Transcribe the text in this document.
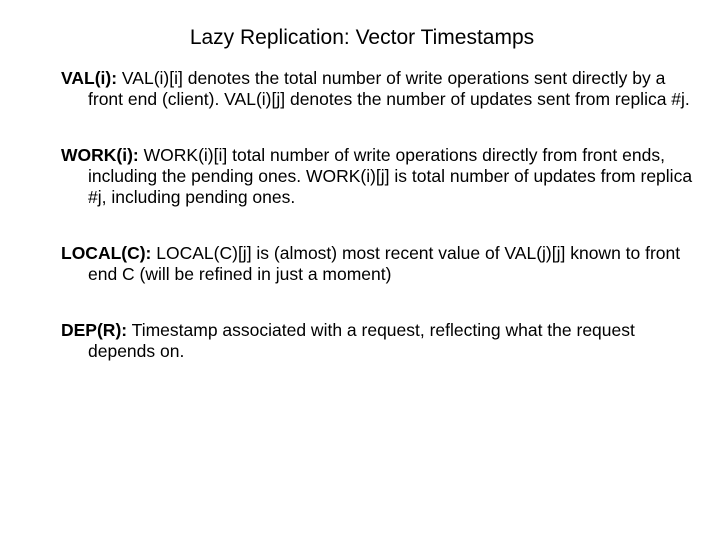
Lazy Replication: Vector Timestamps
VAL(i): VAL(i)[i] denotes the total number of write operations sent directly by a front end (client). VAL(i)[j] denotes the number of updates sent from replica #j.
WORK(i): WORK(i)[i] total number of write operations directly from front ends, including the pending ones. WORK(i)[j] is total number of updates from replica #j, including pending ones.
LOCAL(C): LOCAL(C)[j] is (almost) most recent value of VAL(j)[j] known to front end C (will be refined in just a moment)
DEP(R): Timestamp associated with a request, reflecting what the request depends on.
